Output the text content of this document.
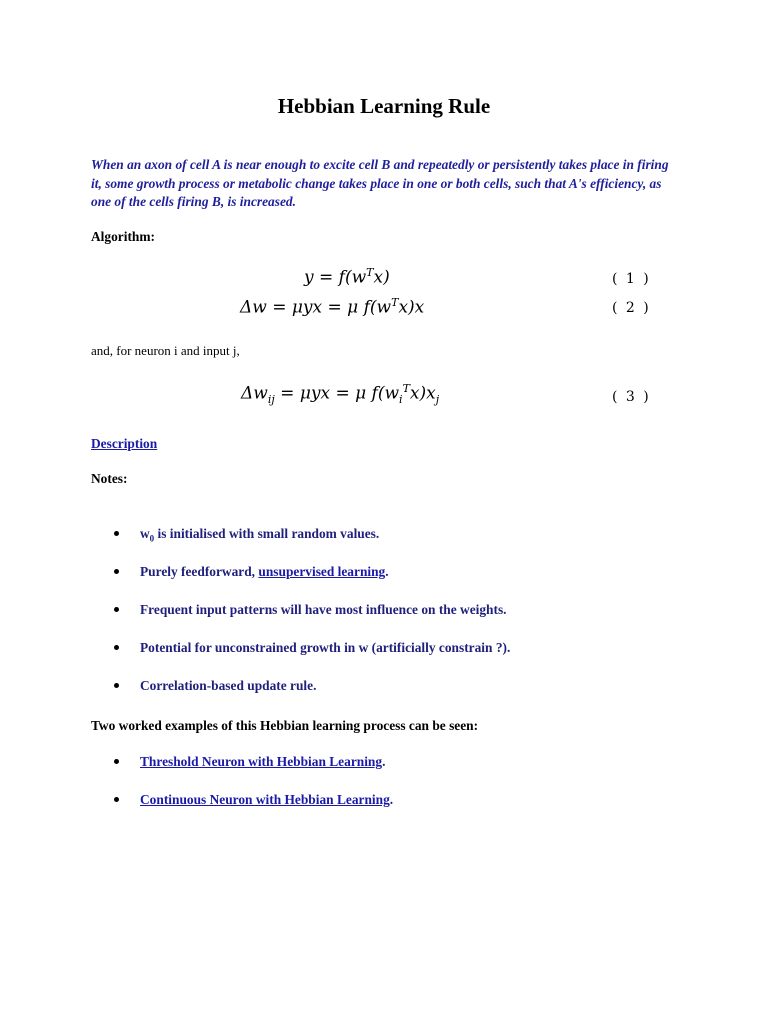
Hebbian Learning Rule

When an axon of cell A is near enough to excite cell B and repeatedly or persistently takes place in firing it, some growth process or metabolic change takes place in one or both cells, such that A's efficiency, as one of the cells firing B, is increased.

Algorithm:

$y = f(w^Tx)$	( 1 )
Δw = μyx = μ $f(w^Tx)x$	( 2 )

and, for neuron i and input j,

$\Delta w_{ij} = \mu yx = \mu$ $f(w_i^Tx)x_j$	( 3 )

Description

Notes:

$w_0$ is initialised with small random values.
Purely feedforward, unsupervised learning.
Frequent input patterns will have most influence on the weights.
Potential for unconstrained growth in w (artificially constrain ?).
Correlation-based update rule.

Two worked examples of this Hebbian learning process can be seen:

Threshold Neuron with Hebbian Learning.
Continuous Neuron with Hebbian Learning.
